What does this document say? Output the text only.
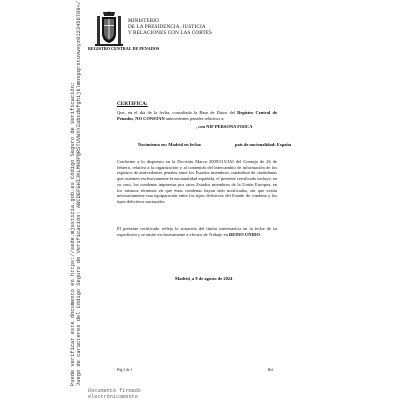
MINISTERIO
DE LA PRESIDENCIA, JUSTICIA
Y RELACIONES CON LAS CORTES
REGISTRO CENTRAL DE PENADOS
Puede verificar este documento en https://sede.mjusticia.gob.es Código Seguro de Verificación: Juego de caracteres del Código Seguro de Verificación: ABCDEFGHIJKLMNOPQRSTUVWXYZabcdefghijklmnopqrstuvwxyz0123456789+/	CERTIFICA:
Que, en el día de la fecha, consultada la Base de Datos del Registro Central de Penados, NO CONSTAN antecedentes penales relativos a:
, con NIF PERSONA FISICA
Nacimiento en: Madrid en fecha:	país de nacionalidad: España
Conforme a lo dispuesto en la Decisión Marco 2009/315/JAI del Consejo de 26 de febrero, relativa a la organización y al contenido del intercambio de información de los registros de antecedentes penales entre los Estados miembros, tratándose de ciudadanos que ostenten exclusivamente la nacionalidad española, el presente certificado incluye, en su caso, los condenas impuestas por otros Estados miembros de la Unión Europea, en los mismos términos en que éstas condenas hayan sido notificadas, sin que exista necesariamente una equiparación entre los tipos delictivos del Estado de condena y los tipos delictivos nacionales.
El presente certificado refleja la situación del titular interesado/a en la fecha de su expedición y se emite exclusivamente a efectos de Trabajo en REINO UNIDO.
Madrid, a 8 de agosto de 2024
Pág 1 de 1	Ref
Documento firmado
electrónicamente
